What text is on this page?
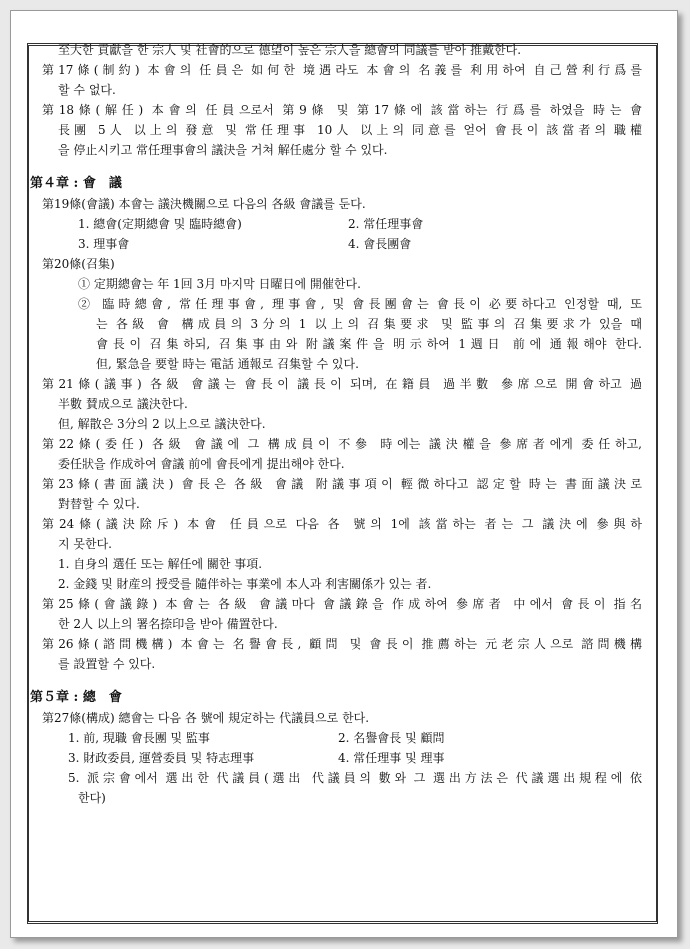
至大한 貢獻을 한 宗人 및 社會的으로 德望이 높은 宗人을 總會의 同議를 받아 推戴한다.
第17條(制約) 本會의 任員은 如何한 境遇라도 本會의 名義를 利用하여 自己營利行爲를
할 수 없다.
第18條(解任) 本會의 任員으로서 第9條 및 第17條에 該當하는 行爲를 하였을 時는 會
長團 5人 以上의 發意 및 常任理事 10人 以上의 同意를 얻어 會長이 該當者의 職權
을 停止시키고 常任理事會의 議決을 거쳐 解任處分 할 수 있다.
第４章 : 會　議
第19條(會議) 本會는 議決機關으로 다음의 各級 會議를 둔다.
1. 總會(定期總會 및 臨時總會)	2. 常任理事會
3. 理事會	4. 會長團會
第20條(召集)
① 定期總會는 年 1回 3月 마지막 日曜日에 開催한다.
② 臨時總會, 常任理事會, 理事會, 및 會長團會는 會長이 必要하다고 인정할 때, 또
는 各級 會 構成員의 3分의 1 以上의 召集要求 및 監事의 召集要求가 있을 때
會長이 召集하되, 召集事由와 附議案件을 明示하여 1週日 前에 通報해야 한다.
但, 緊急을 要할 時는 電話 通報로 召集할 수 있다.
第21條(議事) 各級 會議는 會長이 議長이 되며, 在籍員 過半數 參席으로 開會하고 過
半數 賛成으로 議決한다.
但, 解散은 3分의 2 以上으로 議決한다.
第22條(委任) 各級 會議에 그 構成員이 不參 時에는 議決權을 參席者에게 委任하고,
委任狀을 作成하여 會議 前에 會長에게 提出해야 한다.
第23條(書面議決) 會長은 各級 會議 附議事項이 輕微하다고 認定할 時는 書面議決로
對替할 수 있다.
第24條(議決除斥) 本會 任員으로 다음 各 號의 1에 該當하는 者는 그 議決에 參與하
지 못한다.
1. 自身의 選任 또는 解任에 關한 事項.
2. 金錢 및 財産의 授受를 隨伴하는 事業에 本人과 利害關係가 있는 者.
第25條(會議錄) 本會는 各級 會議마다 會議錄을 作成하여 參席者 中에서 會長이 指名
한 2人 以上의 署名捺印을 받아 備置한다.
第26條(諮問機構) 本會는 名譽會長, 顧問 및 會長이 推薦하는 元老宗人으로 諮問機構
를 設置할 수 있다.
第５章 : 總　會
第27條(構成) 總會는 다음 各 號에 規定하는 代議員으로 한다.
1. 前, 現職 會長團 및 監事	2. 名譽會長 및 顧問
3. 財政委員, 運營委員 및 特志理事	4. 常任理事 및 理事
5. 派宗會에서 選出한 代議員(選出 代議員의 數와 그 選出方法은 代議選出規程에 依
한다)
